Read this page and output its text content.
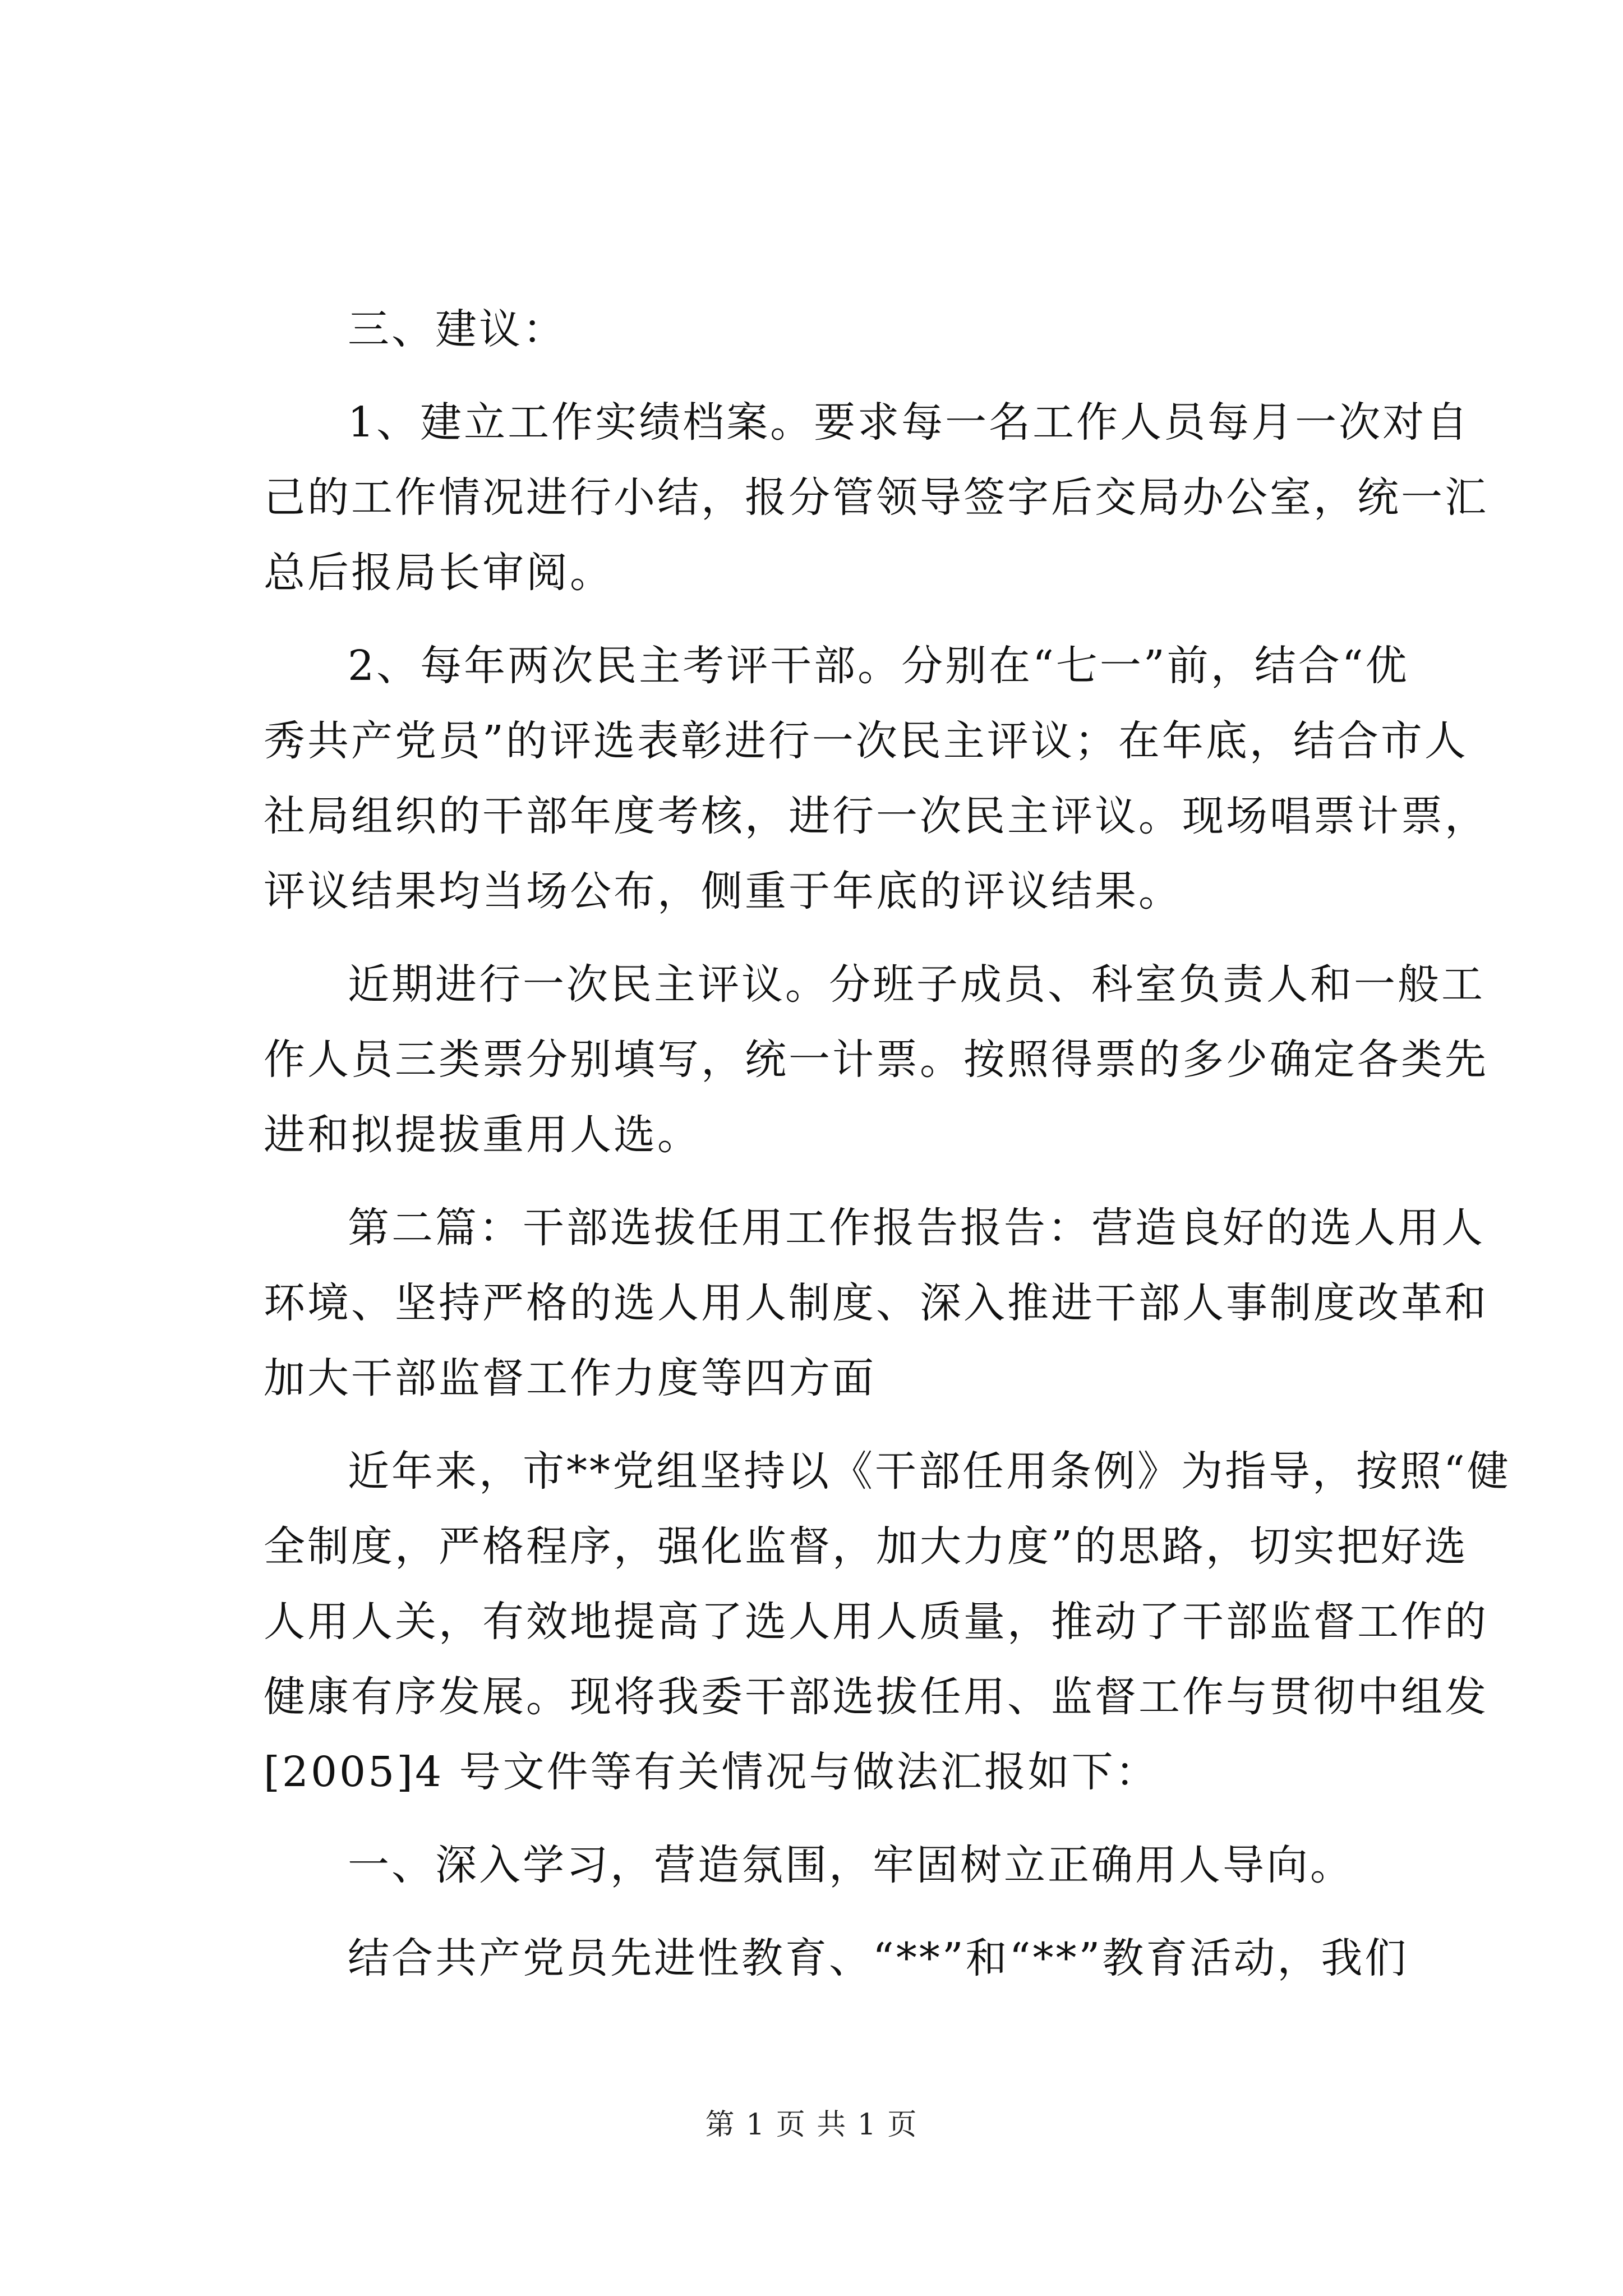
三、建议：

1、建立工作实绩档案。要求每一名工作人员每月一次对自

己的工作情况进行小结，报分管领导签字后交局办公室，统一汇

总后报局长审阅。

2、每年两次民主考评干部。分别在“七一”前，结合“优

秀共产党员”的评选表彰进行一次民主评议；在年底，结合市人

社局组织的干部年度考核，进行一次民主评议。现场唱票计票，

评议结果均当场公布，侧重于年底的评议结果。

近期进行一次民主评议。分班子成员、科室负责人和一般工

作人员三类票分别填写，统一计票。按照得票的多少确定各类先

进和拟提拔重用人选。

第二篇：干部选拔任用工作报告报告：营造良好的选人用人

环境、坚持严格的选人用人制度、深入推进干部人事制度改革和

加大干部监督工作力度等四方面

近年来，市**党组坚持以《干部任用条例》为指导，按照“健

全制度，严格程序，强化监督，加大力度”的思路，切实把好选

人用人关，有效地提高了选人用人质量，推动了干部监督工作的

健康有序发展。现将我委干部选拔任用、监督工作与贯彻中组发

[2005]4 号文件等有关情况与做法汇报如下：

一、深入学习，营造氛围，牢固树立正确用人导向。

结合共产党员先进性教育、“**”和“**”教育活动，我们

第 1 页 共 1 页
